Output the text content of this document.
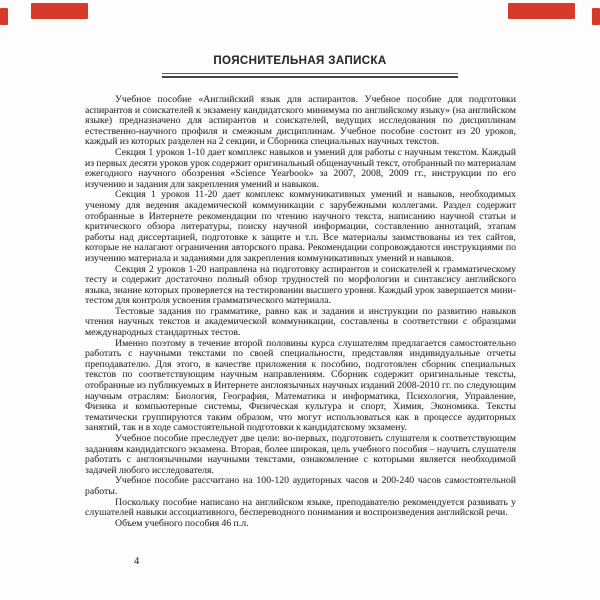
ПОЯСНИТЕЛЬНАЯ ЗАПИСКА

Учебное пособие «Английский язык для аспирантов. Учебное пособие для подготовки аспирантов и соискателей к экзамену кандидатского минимума по английскому языку» (на английском языке) предназначено для аспирантов и соискателей, ведущих исследования по дисциплинам естественно-научного профиля и смежным дисциплинам. Учебное пособие состоит из 20 уроков, каждый из которых разделен на 2 секции, и Сборника специальных научных текстов.

Секция 1 уроков 1-10 дает комплекс навыков и умений для работы с научным текстом. Каждый из первых десяти уроков урок содержит оригинальный общенаучный текст, отобранный по материалам ежегодного научного обозрения «Science Yearbook» за 2007, 2008, 2009 гг., инструкции по его изучению и задания для закрепления умений и навыков.

Секция 1 уроков 11-20 дает комплекс коммуникативных умений и навыков, необходимых ученому для ведения академической коммуникации с зарубежными коллегами. Раздел содержит отобранные в Интернете рекомендации по чтению научного текста, написанию научной статьи и критического обзора литературы, поиску научной информации, составлению аннотаций, этапам работы над диссертацией, подготовке к защите и т.п. Все материалы заимствованы из тех сайтов, которые не налагают ограничения авторского права. Рекомендации сопровождаются инструкциями по изучению материала и заданиями для закрепления коммуникативных умений и навыков.

Секция 2 уроков 1-20 направлена на подготовку аспирантов и соискателей к грамматическому тесту и содержит достаточно полный обзор трудностей по морфологии и синтаксису английского языка, знание которых проверяется на тестировании высшего уровня. Каждый урок завершается мини-тестом для контроля усвоения грамматического материала.

Тестовые задания по грамматике, равно как и задания и инструкции по развитию навыков чтения научных текстов и академической коммуникации, составлены в соответствии с образцами международных стандартных тестов.

Именно поэтому в течение второй половины курса слушателям предлагается самостоятельно работать с научными текстами по своей специальности, представляя индивидуальные отчеты преподавателю. Для этого, в качестве приложения к пособию, подготовлен сборник специальных текстов по соответствующим научным направлениям. Сборник содержит оригинальные тексты, отобранные из публикуемых в Интернете англоязычных научных изданий 2008-2010 гг. по следующим научным отраслям: Биология, География, Математика и информатика, Психология, Управление, Физика и компьютерные системы, Физическая культура и спорт, Химия, Экономика. Тексты тематически группируются таким образом, что могут использоваться как в процессе аудиторных занятий, так и в ходе самостоятельной подготовки к кандидатскому экзамену.

Учебное пособие преследует две цели: во-первых, подготовить слушателя к соответствующим заданиям кандидатского экзамена. Вторая, более широкая, цель учебного пособия – научить слушателя работать с англоязычными научными текстами, ознакомление с которыми является необходимой задачей любого исследователя.

Учебное пособие рассчитано на 100-120 аудиторных часов и 200-240 часов самостоятельной работы.

Поскольку пособие написано на английском языке, преподавателю рекомендуется развивать у слушателей навыки ассоциативного, беспереводного понимания и воспроизведения английской речи.

Объем учебного пособия 46 п.л.

4
